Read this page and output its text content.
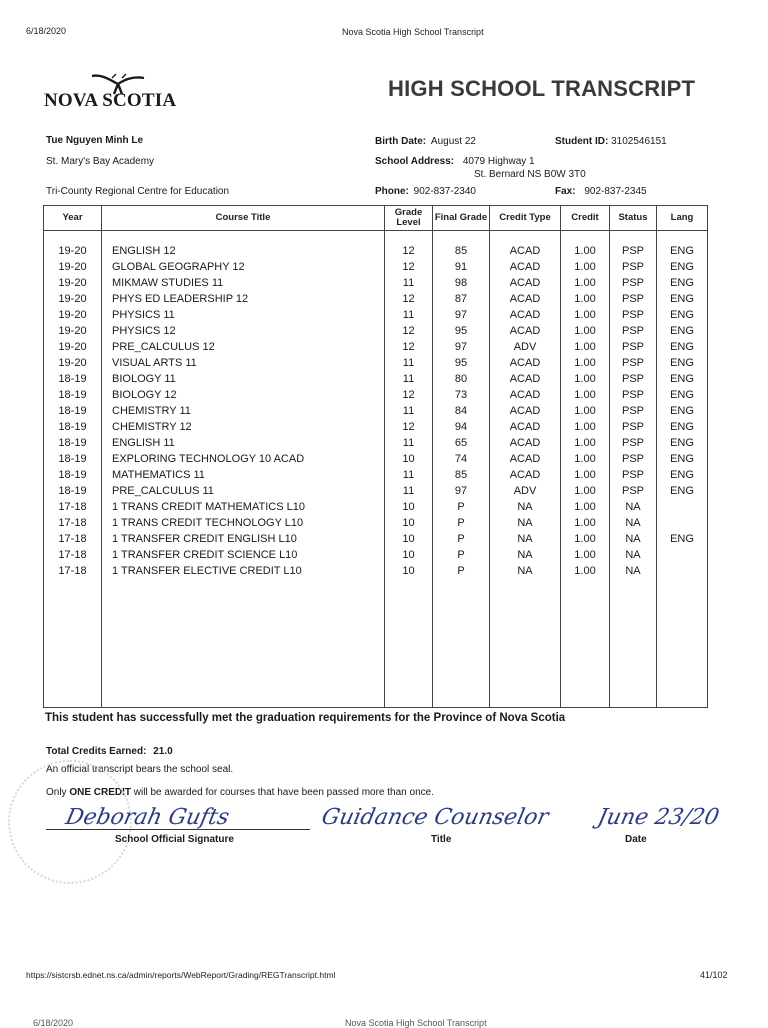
6/18/2020	Nova Scotia High School Transcript
NOVA SCOTIA	HIGH SCHOOL TRANSCRIPT
Tue Nguyen Minh Le
St. Mary's Bay Academy
Tri-County Regional Centre for Education
Birth Date: August 22	Student ID: 3102546151
School Address: 4079 Highway 1
St. Bernard NS B0W 3T0
Phone: 902-837-2340	Fax: 902-837-2345
Year	Course Title	Grade Level	Final Grade	Credit Type	Credit	Status	Lang

19-20	ENGLISH 12	12	85	ACAD	1.00	PSP	ENG
19-20	GLOBAL GEOGRAPHY 12	12	91	ACAD	1.00	PSP	ENG
19-20	MIKMAW STUDIES 11	11	98	ACAD	1.00	PSP	ENG
19-20	PHYS ED LEADERSHIP 12	12	87	ACAD	1.00	PSP	ENG
19-20	PHYSICS 11	11	97	ACAD	1.00	PSP	ENG
19-20	PHYSICS 12	12	95	ACAD	1.00	PSP	ENG
19-20	PRE_CALCULUS 12	12	97	ADV	1.00	PSP	ENG
19-20	VISUAL ARTS 11	11	95	ACAD	1.00	PSP	ENG
18-19	BIOLOGY 11	11	80	ACAD	1.00	PSP	ENG
18-19	BIOLOGY 12	12	73	ACAD	1.00	PSP	ENG
18-19	CHEMISTRY 11	11	84	ACAD	1.00	PSP	ENG
18-19	CHEMISTRY 12	12	94	ACAD	1.00	PSP	ENG
18-19	ENGLISH 11	11	65	ACAD	1.00	PSP	ENG
18-19	EXPLORING TECHNOLOGY 10 ACAD	10	74	ACAD	1.00	PSP	ENG
18-19	MATHEMATICS 11	11	85	ACAD	1.00	PSP	ENG
18-19	PRE_CALCULUS 11	11	97	ADV	1.00	PSP	ENG
17-18	1 TRANS CREDIT MATHEMATICS L10	10	P	NA	1.00	NA	
17-18	1 TRANS CREDIT TECHNOLOGY L10	10	P	NA	1.00	NA	
17-18	1 TRANSFER CREDIT ENGLISH L10	10	P	NA	1.00	NA	ENG
17-18	1 TRANSFER CREDIT SCIENCE L10	10	P	NA	1.00	NA	
17-18	1 TRANSFER ELECTIVE CREDIT L10	10	P	NA	1.00	NA	

This student has successfully met the graduation requirements for the Province of Nova Scotia
Total Credits Earned: 21.0
An official transcript bears the school seal.
Only ONE CREDIT will be awarded for courses that have been passed more than once.
Deborah Gufts	Guidance Counselor June 23/20
School Official Signature	Title	Date
https://sistcrsb.ednet.ns.ca/admin/reports/WebReport/Grading/REGTranscript.html	41/102
6/18/2020	Nova Scotia High School Transcript
